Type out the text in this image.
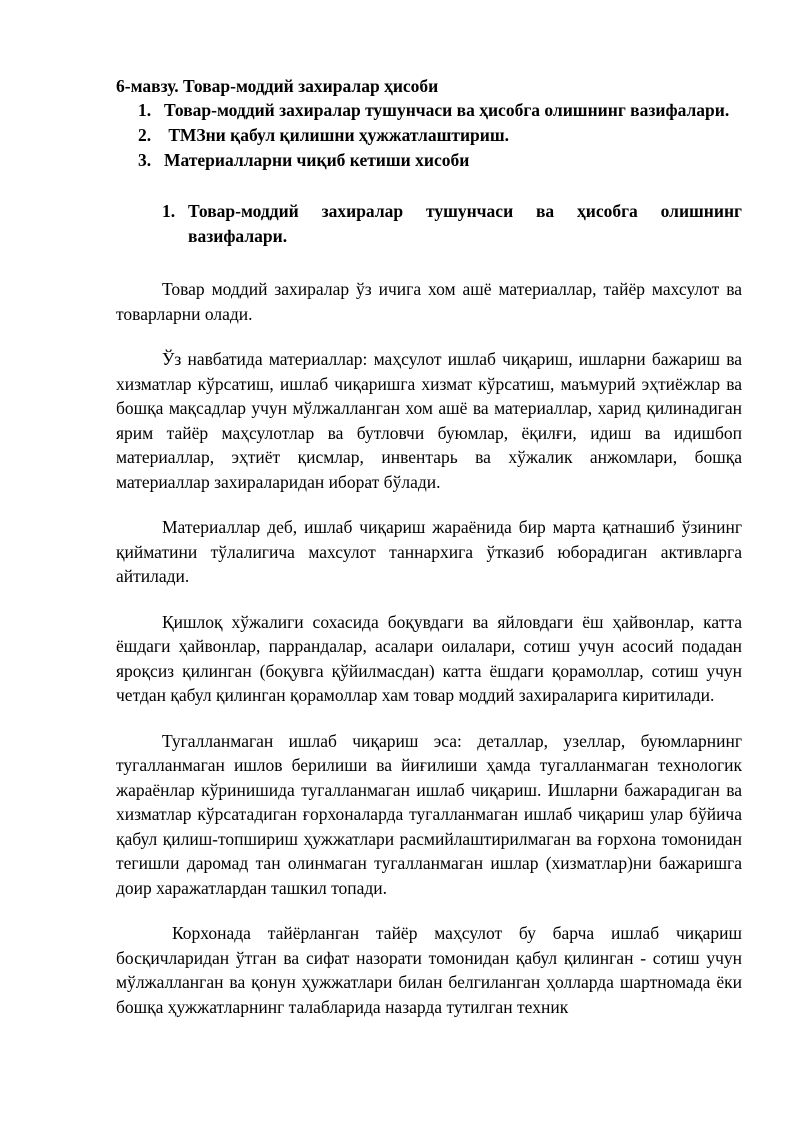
6-мавзу. Товар-моддий захиралар ҳисоби
1. Товар-моддий захиралар тушунчаси ва ҳисобга олишнинг вазифалари.
2. ТМЗни қабул қилишни ҳужжатлаштириш.
3. Материалларни чиқиб кетиши хисоби
1. Товар-моддий захиралар тушунчаси ва ҳисобга олишнинг вазифалари.

Товар моддий захиралар ўз ичига хом ашё материаллар, тайёр махсулот ва товарларни олади.

Ўз навбатида материаллар: маҳсулот ишлаб чиқариш, ишларни бажариш ва хизматлар кўрсатиш, ишлаб чиқаришга хизмат кўрсатиш, маъмурий эҳтиёжлар ва бошқа мақсадлар учун мўлжалланган хом ашё ва материаллар, харид қилинадиган ярим тайёр маҳсулотлар ва бутловчи буюмлар, ёқилғи, идиш ва идишбоп материаллар, эҳтиёт қисмлар, инвентарь ва хўжалик анжомлари, бошқа материаллар захираларидан иборат бўлади.

Материаллар деб, ишлаб чиқариш жараёнида бир марта қатнашиб ўзининг қийматини тўлалигича махсулот таннархига ўтказиб юборадиган активларга айтилади.

Қишлоқ хўжалиги сохасида боқувдаги ва яйловдаги ёш ҳайвонлар, катта ёшдаги ҳайвонлар, паррандалар, асалари оилалари, сотиш учун асосий подадан яроқсиз қилинган (боқувга қўйилмасдан) катта ёшдаги қорамоллар, сотиш учун четдан қабул қилинган қорамоллар хам товар моддий захираларига киритилади.

Тугалланмаган ишлаб чиқариш эса: деталлар, узеллар, буюмларнинг тугалланмаган ишлов берилиши ва йиғилиши ҳамда тугалланмаган технологик жараёнлар кўринишида тугалланмаган ишлаб чиқариш. Ишларни бажарадиган ва хизматлар кўрсатадиган ғорхоналарда тугалланмаган ишлаб чиқариш улар бўйича қабул қилиш-топшириш ҳужжатлари расмийлаштирилмаган ва ғорхона томонидан тегишли даромад тан олинмаган тугалланмаган ишлар (хизматлар)ни бажаришга доир харажатлардан ташкил топади.

Корхонада тайёрланган тайёр маҳсулот бу барча ишлаб чиқариш босқичларидан ўтган ва сифат назорати томонидан қабул қилинган - сотиш учун мўлжалланган ва қонун ҳужжатлари билан белгиланган ҳолларда шартномада ёки бошқа ҳужжатларнинг талабларида назарда тутилган техник
